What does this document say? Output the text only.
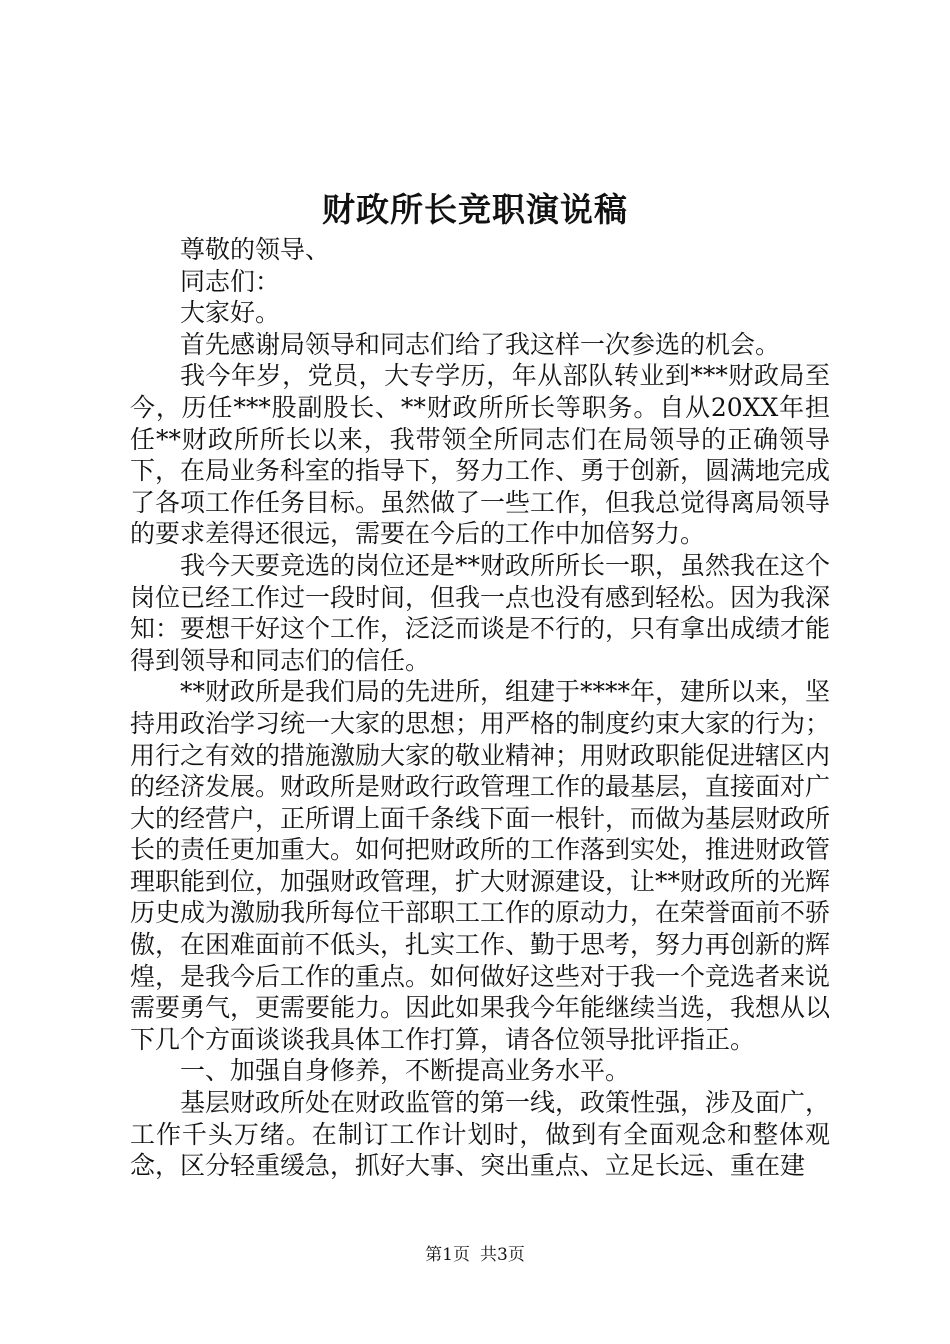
财政所长竞职演说稿

尊敬的领导、

同志们：

大家好。

首先感谢局领导和同志们给了我这样一次参选的机会。

我今年岁，党员，大专学历，年从部队转业到***财政局至今，历任***股副股长、**财政所所长等职务。自从20XX年担任**财政所所长以来，我带领全所同志们在局领导的正确领导下，在局业务科室的指导下，努力工作、勇于创新，圆满地完成了各项工作任务目标。虽然做了一些工作，但我总觉得离局领导的要求差得还很远，需要在今后的工作中加倍努力。

我今天要竞选的岗位还是**财政所所长一职，虽然我在这个岗位已经工作过一段时间，但我一点也没有感到轻松。因为我深知：要想干好这个工作，泛泛而谈是不行的，只有拿出成绩才能得到领导和同志们的信任。

**财政所是我们局的先进所，组建于****年，建所以来，坚持用政治学习统一大家的思想；用严格的制度约束大家的行为；用行之有效的措施激励大家的敬业精神；用财政职能促进辖区内的经济发展。财政所是财政行政管理工作的最基层，直接面对广大的经营户，正所谓上面千条线下面一根针，而做为基层财政所长的责任更加重大。如何把财政所的工作落到实处，推进财政管理职能到位，加强财政管理，扩大财源建设，让**财政所的光辉历史成为激励我所每位干部职工工作的原动力，在荣誉面前不骄傲，在困难面前不低头，扎实工作、勤于思考，努力再创新的辉煌，是我今后工作的重点。如何做好这些对于我一个竞选者来说需要勇气，更需要能力。因此如果我今年能继续当选，我想从以下几个方面谈谈我具体工作打算，请各位领导批评指正。

一、加强自身修养，不断提高业务水平。

基层财政所处在财政监管的第一线，政策性强，涉及面广，工作千头万绪。在制订工作计划时，做到有全面观念和整体观念，区分轻重缓急，抓好大事、突出重点、立足长远、重在建

第1页 共3页
